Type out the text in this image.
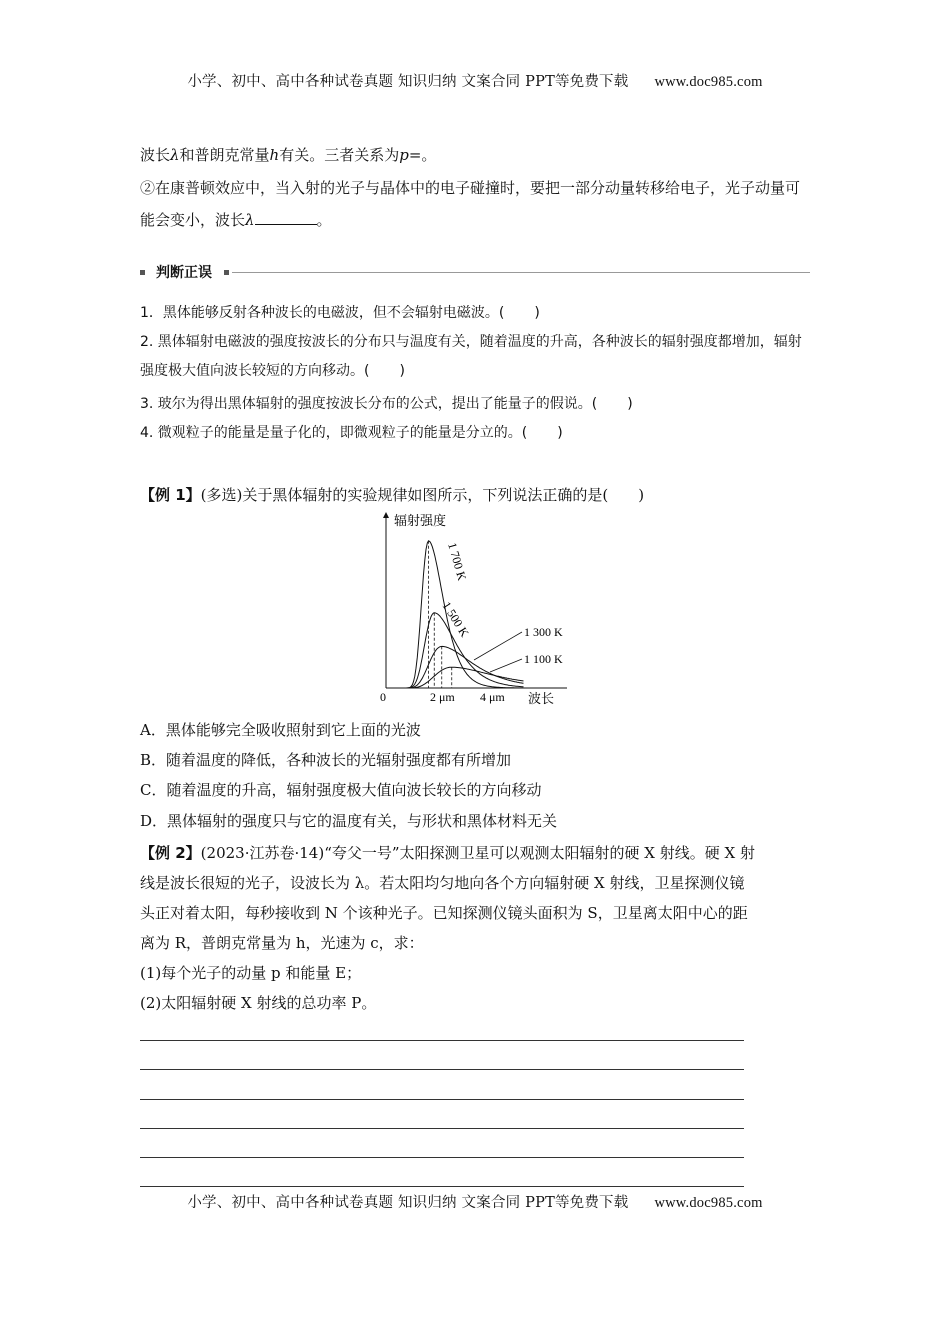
小学、初中、高中各种试卷真题 知识归纳 文案合同 PPT等免费下载 www.doc985.com
波长λ和普朗克常量h有关。三者关系为p=。
②在康普顿效应中，当入射的光子与晶体中的电子碰撞时，要把一部分动量转移给电子，光子动量可能会变小，波长λ	。
判断正误
1．黑体能够反射各种波长的电磁波，但不会辐射电磁波。( )
2. 黑体辐射电磁波的强度按波长的分布只与温度有关，随着温度的升高，各种波长的辐射强度都增加，辐射强度极大值向波长较短的方向移动。( )
3. 玻尔为得出黑体辐射的强度按波长分布的公式，提出了能量子的假说。( )
4. 微观粒子的能量是量子化的，即微观粒子的能量是分立的。( )
【例 1】(多选)关于黑体辐射的实验规律如图所示，下列说法正确的是( )
辐射强度
0	2 μm 4 μm 波长
1 700 K
1 500 K	1 300 K
1 100 K
A．黑体能够完全吸收照射到它上面的光波
B．随着温度的降低，各种波长的光辐射强度都有所增加
C．随着温度的升高，辐射强度极大值向波长较长的方向移动
D．黑体辐射的强度只与它的温度有关，与形状和黑体材料无关
【例 2】(2023·江苏卷·14)“夸父一号”太阳探测卫星可以观测太阳辐射的硬 X 射线。硬 X 射
线是波长很短的光子，设波长为 λ。若太阳均匀地向各个方向辐射硬 X 射线，卫星探测仪镜
头正对着太阳，每秒接收到 N 个该种光子。已知探测仪镜头面积为 S，卫星离太阳中心的距
离为 R，普朗克常量为 h，光速为 c，求：
(1)每个光子的动量 p 和能量 E；
(2)太阳辐射硬 X 射线的总功率 P。
小学、初中、高中各种试卷真题 知识归纳 文案合同 PPT等免费下载 www.doc985.com
